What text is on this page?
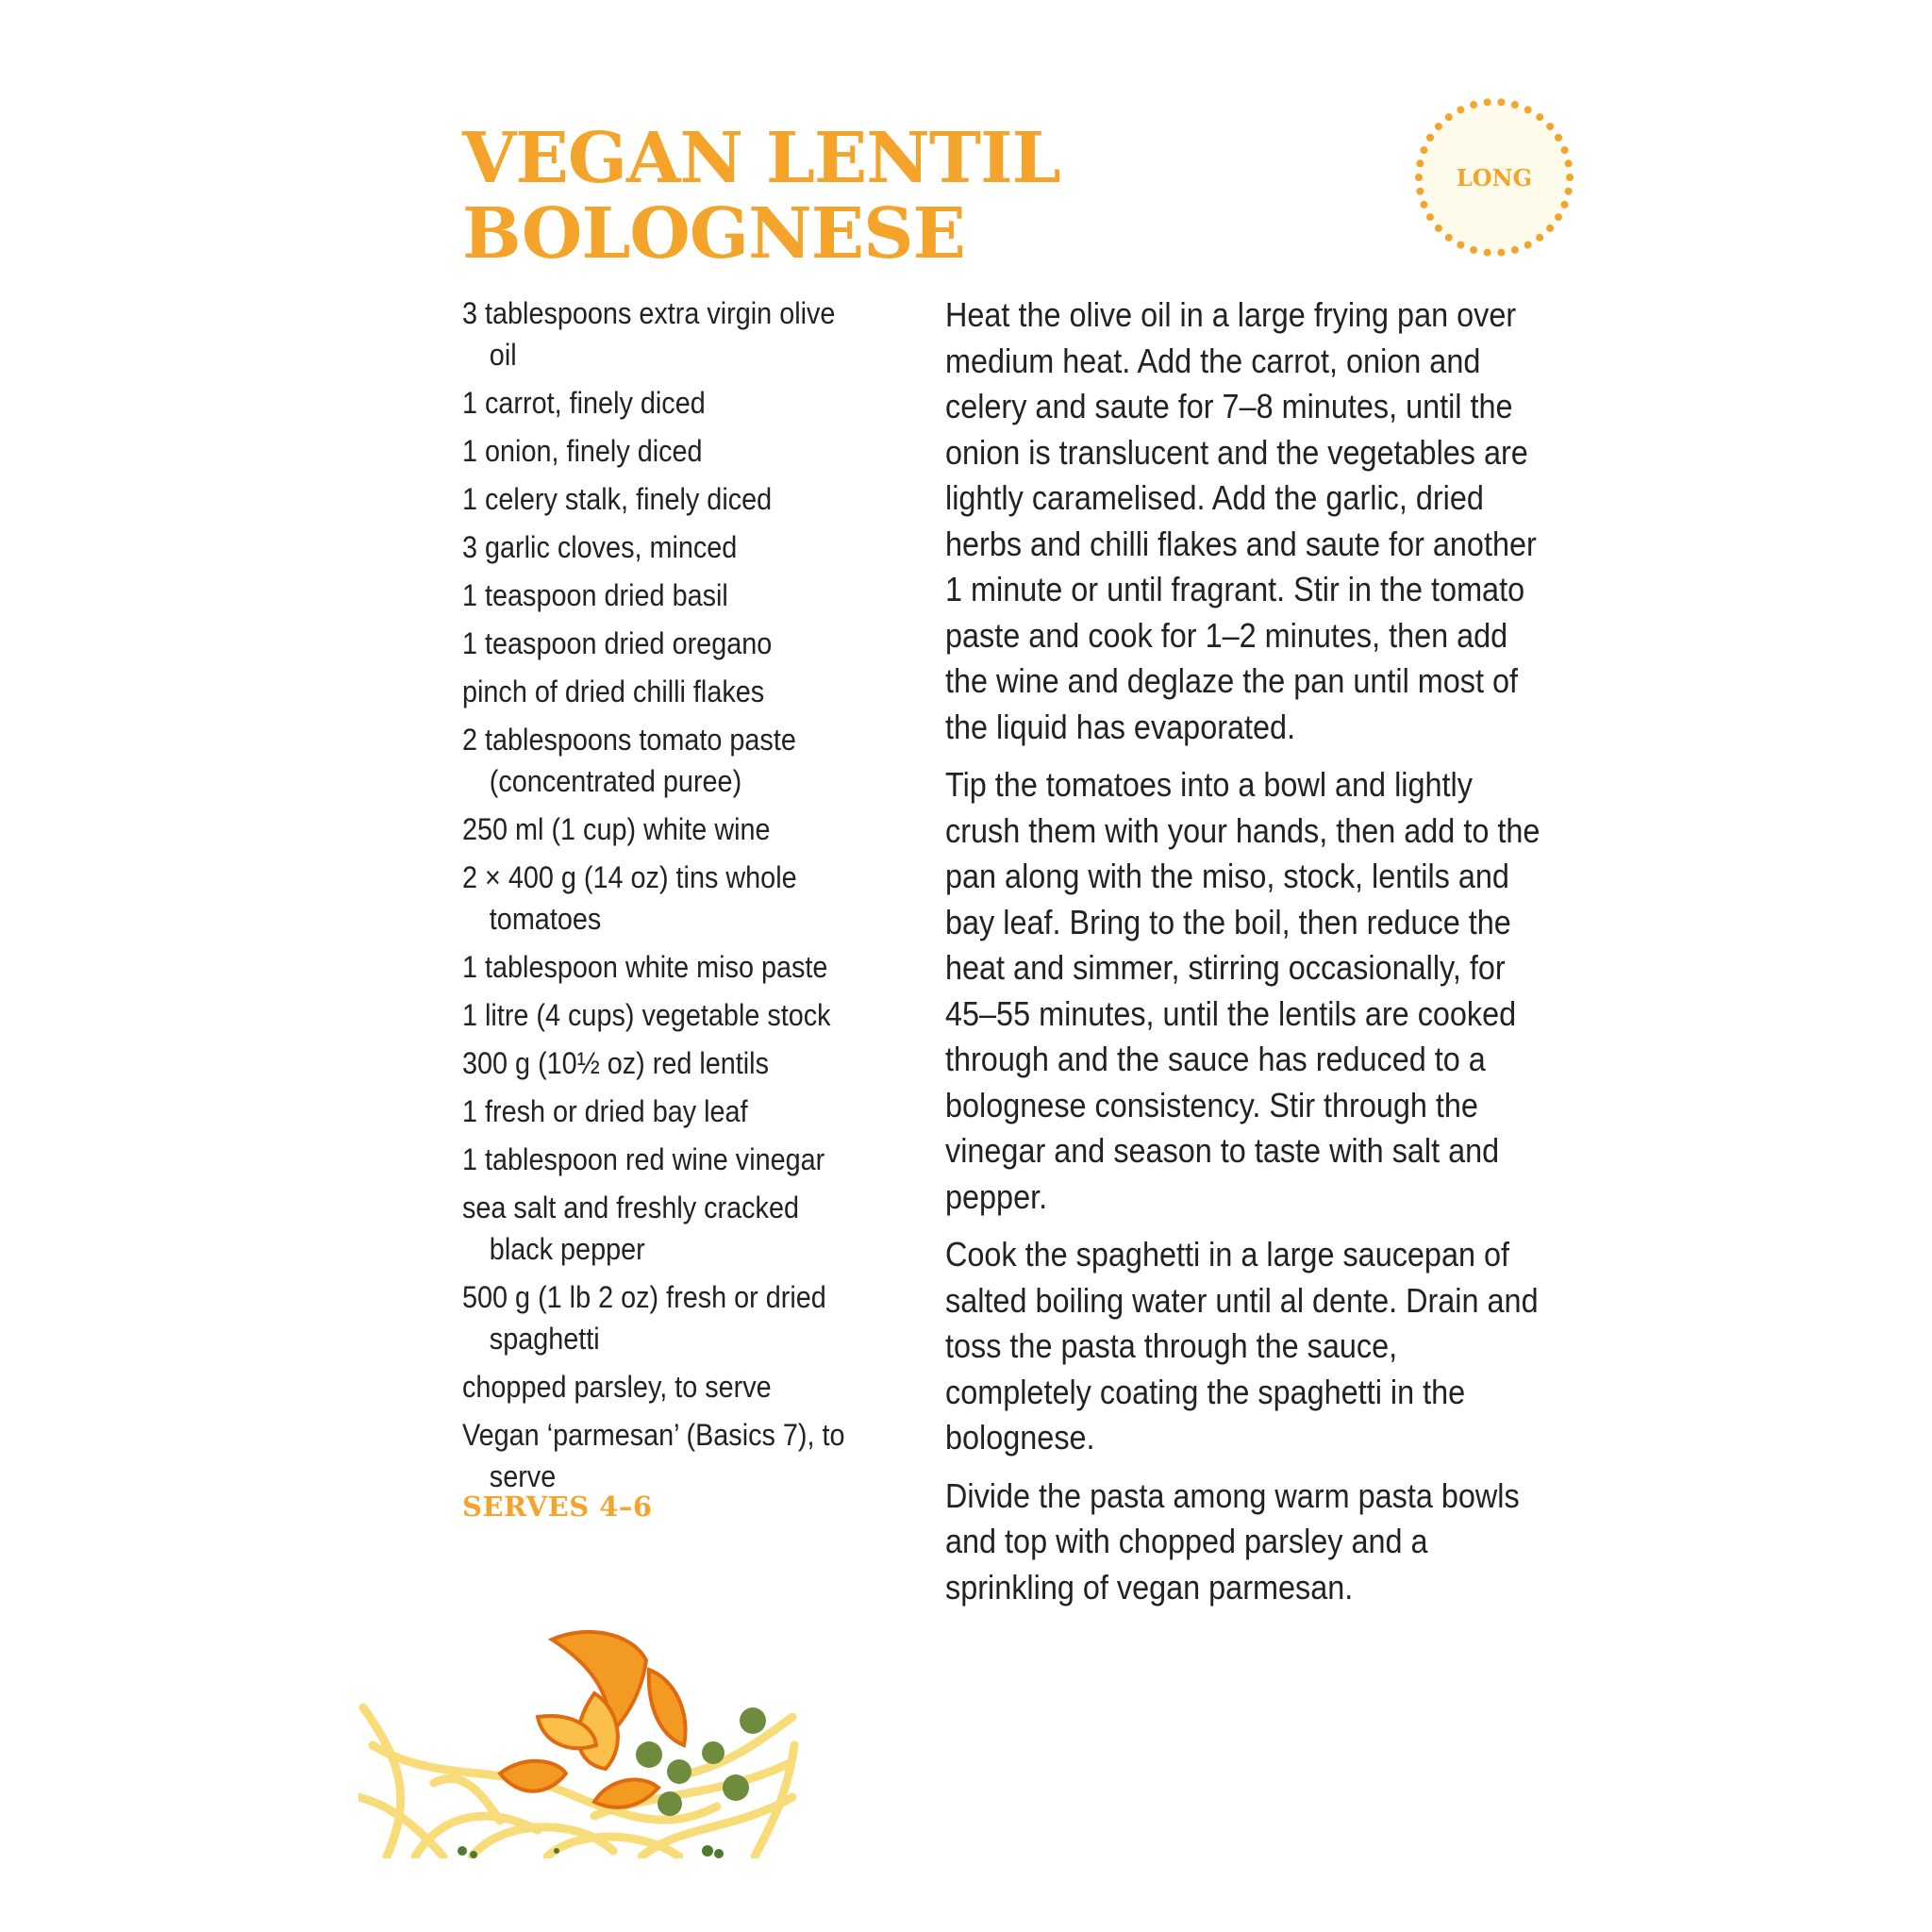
VEGAN LENTIL
BOLOGNESE
LONG
3 tablespoons extra virgin olive oil
1 carrot, finely diced
1 onion, finely diced
1 celery stalk, finely diced
3 garlic cloves, minced
1 teaspoon dried basil
1 teaspoon dried oregano
pinch of dried chilli flakes
2 tablespoons tomato paste (concentrated puree)
250 ml (1 cup) white wine
2 × 400 g (14 oz) tins whole tomatoes
1 tablespoon white miso paste
1 litre (4 cups) vegetable stock
300 g (10½ oz) red lentils
1 fresh or dried bay leaf
1 tablespoon red wine vinegar
sea salt and freshly cracked black pepper
500 g (1 lb 2 oz) fresh or dried spaghetti
chopped parsley, to serve
Vegan ‘parmesan’ (Basics 7), to serve
SERVES 4–6

Heat the olive oil in a large frying pan over medium heat. Add the carrot, onion and celery and saute for 7–8 minutes, until the onion is translucent and the vegetables are lightly caramelised. Add the garlic, dried herbs and chilli flakes and saute for another 1 minute or until fragrant. Stir in the tomato paste and cook for 1–2 minutes, then add the wine and deglaze the pan until most of the liquid has evaporated.

Tip the tomatoes into a bowl and lightly crush them with your hands, then add to the pan along with the miso, stock, lentils and bay leaf. Bring to the boil, then reduce the heat and simmer, stirring occasionally, for 45–55 minutes, until the lentils are cooked through and the sauce has reduced to a bolognese consistency. Stir through the vinegar and season to taste with salt and pepper.

Cook the spaghetti in a large saucepan of salted boiling water until al dente. Drain and toss the pasta through the sauce, completely coating the spaghetti in the bolognese.

Divide the pasta among warm pasta bowls and top with chopped parsley and a sprinkling of vegan parmesan.
